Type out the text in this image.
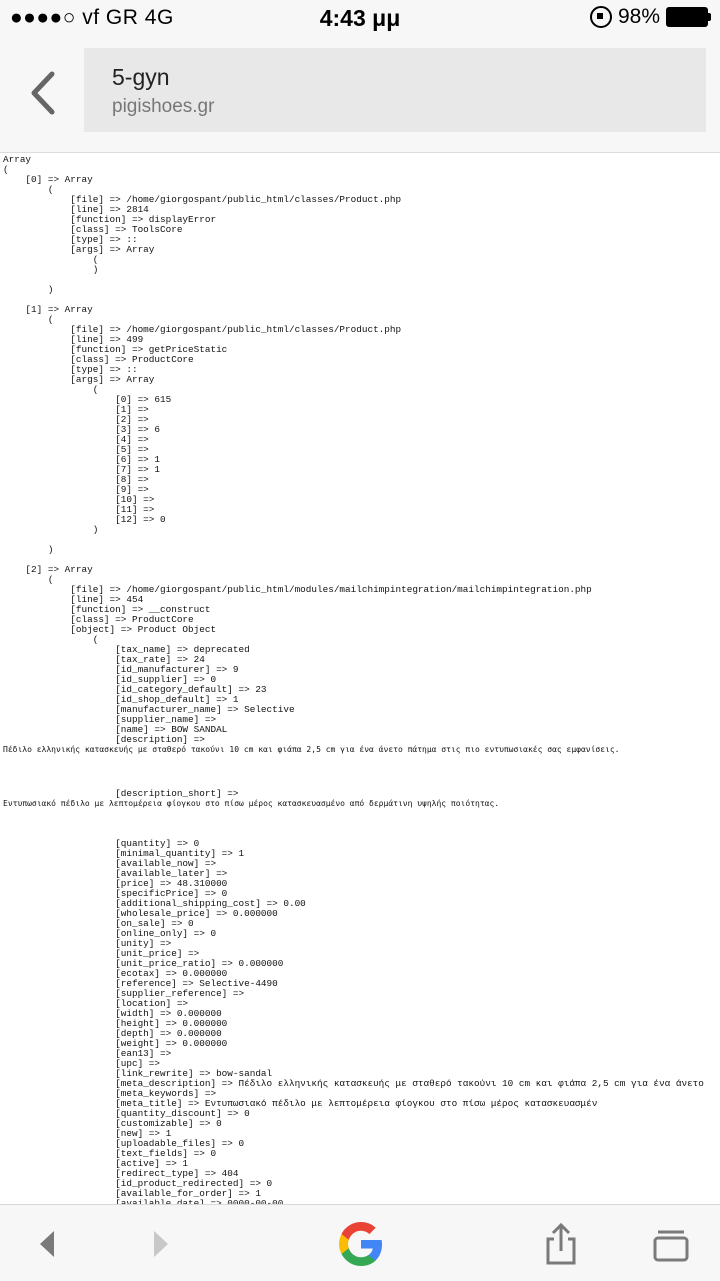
●●●●○ vf GR 4G	4:43 μμ	98%
5-gyn
pigishoes.gr
Array
(
[0] => Array
(
[file] => /home/giorgospant/public_html/classes/Product.php
[line] => 2814
[function] => displayError
[class] => ToolsCore
[type] => ::
[args] => Array
(
)

)

[1] => Array
(
[file] => /home/giorgospant/public_html/classes/Product.php
[line] => 499
[function] => getPriceStatic
[class] => ProductCore
[type] => ::
[args] => Array
(
[0] => 615
[1] =>
[2] =>
[3] => 6
[4] =>
[5] =>
[6] => 1
[7] => 1
[8] =>
[9] =>
[10] =>
[11] =>
[12] => 0
)

)

[2] => Array
(
[file] => /home/giorgospant/public_html/modules/mailchimpintegration/mailchimpintegration.php
[line] => 454
[function] => __construct
[class] => ProductCore
[object] => Product Object
(
[tax_name] => deprecated
[tax_rate] => 24
[id_manufacturer] => 9
[id_supplier] => 0
[id_category_default] => 23
[id_shop_default] => 1
[manufacturer_name] => Selective
[supplier_name] =>
[name] => BOW SANDAL
[description] =>

Πέδιλο ελληνικής κατασκευής με σταθερό τακούνι 10 cm και φιάπα 2,5 cm για ένα άνετο πάτημα στις πιο εντυπωσιακές σας εμφανίσεις.
[description_short] =>

Εντυπωσιακό πέδιλο με λεπτομέρεια φίογκου στο πίσω μέρος κατασκευασμένο από δερμάτινη υψηλής ποιότητας.

[quantity] => 0
[minimal_quantity] => 1
[available_now] =>
[available_later] =>
[price] => 48.310000
[specificPrice] => 0
[additional_shipping_cost] => 0.00
[wholesale_price] => 0.000000
[on_sale] => 0
[online_only] => 0
[unity] =>
[unit_price] =>
[unit_price_ratio] => 0.000000
[ecotax] => 0.000000
[reference] => Selective-4490
[supplier_reference] =>
[location] =>
[width] => 0.000000
[height] => 0.000000
[depth] => 0.000000
[weight] => 0.000000
[ean13] =>
[upc] =>
[link_rewrite] => bow-sandal
[meta_description] => Πέδιλο ελληνικής κατασκευής με σταθερό τακούνι 10 cm και φιάπα 2,5 cm για ένα άνετο
[meta_keywords] =>
[meta_title] => Εντυπωσιακό πέδιλο με λεπτομέρεια φίογκου στο πίσω μέρος κατασκευασμέν
[quantity_discount] => 0
[customizable] => 0
[new] => 1
[uploadable_files] => 0
[text_fields] => 0
[active] => 1
[redirect_type] => 404
[id_product_redirected] => 0
[available_for_order] => 1
